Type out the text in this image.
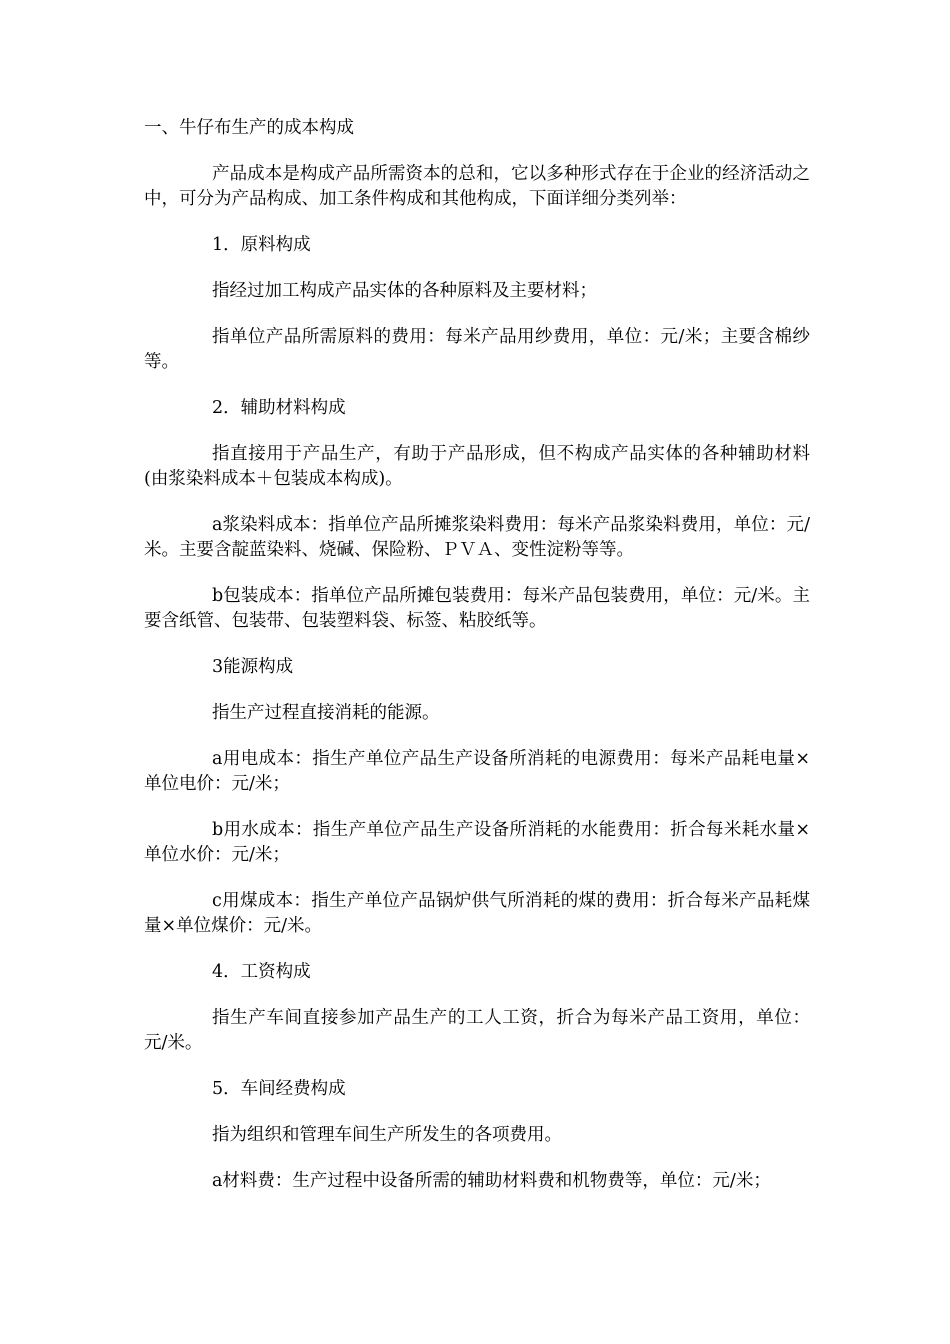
一、牛仔布生产的成本构成

产品成本是构成产品所需资本的总和，它以多种形式存在于企业的经济活动之中，可分为产品构成、加工条件构成和其他构成，下面详细分类列举：

1．原料构成

指经过加工构成产品实体的各种原料及主要材料；

指单位产品所需原料的费用：每米产品用纱费用，单位：元/米；主要含棉纱等。

2．辅助材料构成

指直接用于产品生产，有助于产品形成，但不构成产品实体的各种辅助材料(由浆染料成本＋包装成本构成)。

a浆染料成本：指单位产品所摊浆染料费用：每米产品浆染料费用，单位：元/米。主要含靛蓝染料、烧碱、保险粉、ＰＶＡ、变性淀粉等等。

b包装成本：指单位产品所摊包装费用：每米产品包装费用，单位：元/米。主要含纸管、包装带、包装塑料袋、标签、粘胶纸等。

3能源构成

指生产过程直接消耗的能源。

a用电成本：指生产单位产品生产设备所消耗的电源费用：每米产品耗电量×单位电价：元/米；

b用水成本：指生产单位产品生产设备所消耗的水能费用：折合每米耗水量×单位水价：元/米；

c用煤成本：指生产单位产品锅炉供气所消耗的煤的费用：折合每米产品耗煤量×单位煤价：元/米。

4．工资构成

指生产车间直接参加产品生产的工人工资，折合为每米产品工资用，单位：元/米。

5．车间经费构成

指为组织和管理车间生产所发生的各项费用。

a材料费：生产过程中设备所需的辅助材料费和机物费等，单位：元/米；
